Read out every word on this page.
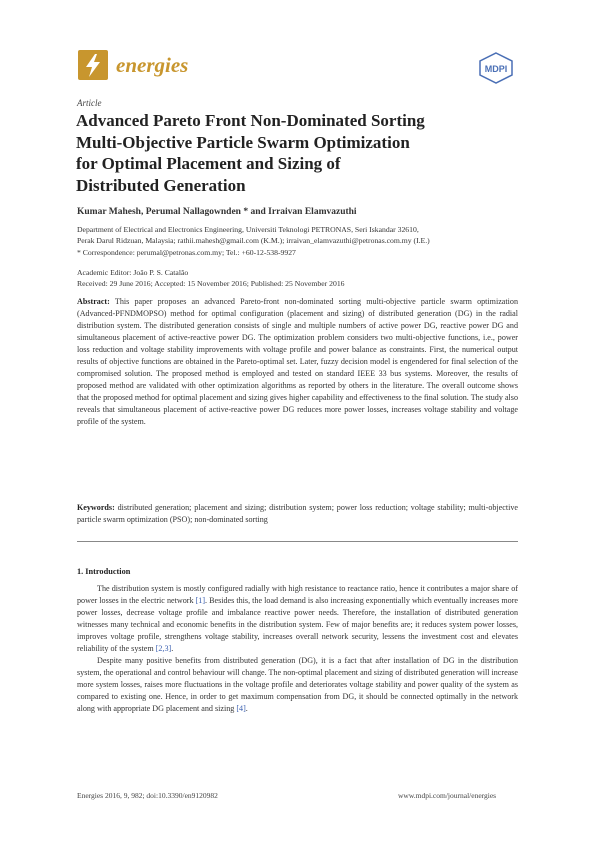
energies	MDPI
Article
Advanced Pareto Front Non-Dominated Sorting
Multi-Objective Particle Swarm Optimization
for Optimal Placement and Sizing of
Distributed Generation
Kumar Mahesh, Perumal Nallagownden * and Irraivan Elamvazuthi
Department of Electrical and Electronics Engineering, Universiti Teknologi PETRONAS, Seri Iskandar 32610,
Perak Darul Ridzuan, Malaysia; rathii.mahesh@gmail.com (K.M.); irraivan_elamvazuthi@petronas.com.my (I.E.)
* Correspondence: perumal@petronas.com.my; Tel.: +60-12-538-9927
Academic Editor: João P. S. Catalão
Received: 29 June 2016; Accepted: 15 November 2016; Published: 25 November 2016
Abstract: This paper proposes an advanced Pareto-front non-dominated sorting multi-objective particle swarm optimization (Advanced-PFNDMOPSO) method for optimal configuration (placement and sizing) of distributed generation (DG) in the radial distribution system. The distributed generation consists of single and multiple numbers of active power DG, reactive power DG and simultaneous placement of active-reactive power DG. The optimization problem considers two multi-objective functions, i.e., power loss reduction and voltage stability improvements with voltage profile and power balance as constraints. First, the numerical output results of objective functions are obtained in the Pareto-optimal set. Later, fuzzy decision model is engendered for final selection of the compromised solution. The proposed method is employed and tested on standard IEEE 33 bus systems. Moreover, the results of proposed method are validated with other optimization algorithms as reported by others in the literature. The overall outcome shows that the proposed method for optimal placement and sizing gives higher capability and effectiveness to the final solution. The study also reveals that simultaneous placement of active-reactive power DG reduces more power losses, increases voltage stability and voltage profile of the system.
Keywords: distributed generation; placement and sizing; distribution system; power loss reduction; voltage stability; multi-objective particle swarm optimization (PSO); non-dominated sorting
1. Introduction

The distribution system is mostly configured radially with high resistance to reactance ratio, hence it contributes a major share of power losses in the electric network [1]. Besides this, the load demand is also increasing exponentially which eventually increases more power losses, decrease voltage profile and imbalance reactive power needs. Therefore, the installation of distributed generation witnesses many technical and economic benefits in the distribution system. Few of major benefits are; it reduces system power losses, improves voltage profile, strengthens voltage stability, increases overall network security, lessens the investment cost and elevates reliability of the system [2,3].

Despite many positive benefits from distributed generation (DG), it is a fact that after installation of DG in the distribution system, the operational and control behaviour will change. The non-optimal placement and sizing of distributed generation will increase more system losses, raises more fluctuations in the voltage profile and deteriorates voltage stability and power quality of the system as compared to existing one. Hence, in order to get maximum compensation from DG, it should be connected optimally in the network along with appropriate DG placement and sizing [4].

Energies 2016, 9, 982; doi:10.3390/en9120982	www.mdpi.com/journal/energies
